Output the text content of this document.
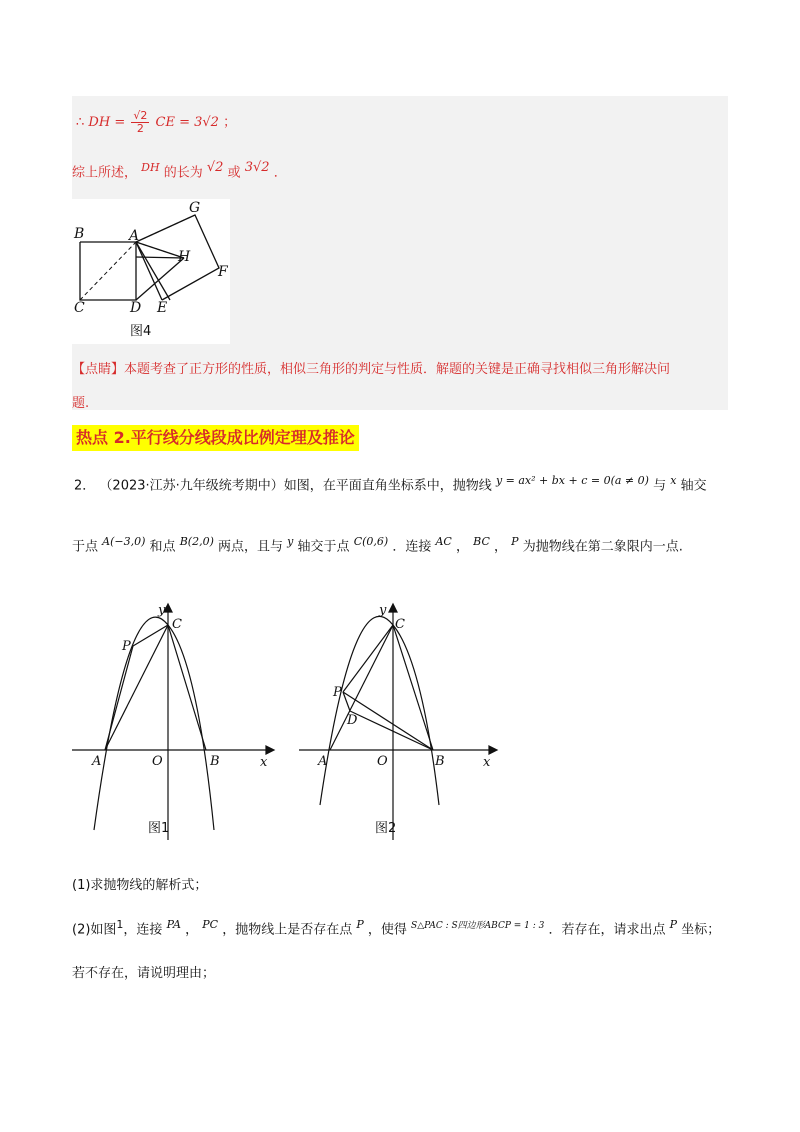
∴ DH = $\frac{√2}{2}$ CE = 3√2 ；
综上所述， $^{DH}$ 的长为 √2 或 3√2 ．
B	A
G
H
F
C	D E
图4
【点睛】本题考查了正方形的性质，相似三角形的判定与性质．解题的关键是正确寻找相似三角形解决问
题.
热点 2.平行线分线段成比例定理及推论
2． （2023·江苏·九年级统考期中）如图，在平面直角坐标系中，抛物线 $^{y = ax^2 + bx + c = 0(a \ne 0)}$ 与 $^x$ 轴交
于点 $^{A(-3,0)}$ 和点 $^{B(2,0)}$ 两点，且与 $^y$ 轴交于点 $^{C(0,6)}$ ．连接 $^{AC}$ ， $^{BC}$ ， $^P$ 为抛物线在第二象限内一点.
y
C
P
A	O	B	x
图1
y
C
P
D
A	O	B	x
图2
(1)求抛物线的解析式；
(2)如图$^1$，连接 $^{PA}$ ， $^{PC}$ ，抛物线上是否存在点 $^P$ ，使得 $^{S\triangle PAC : S四边形ABCP = 1 : 3}$ ．若存在，请求出点 $^P$ 坐标；
若不存在，请说明理由；
